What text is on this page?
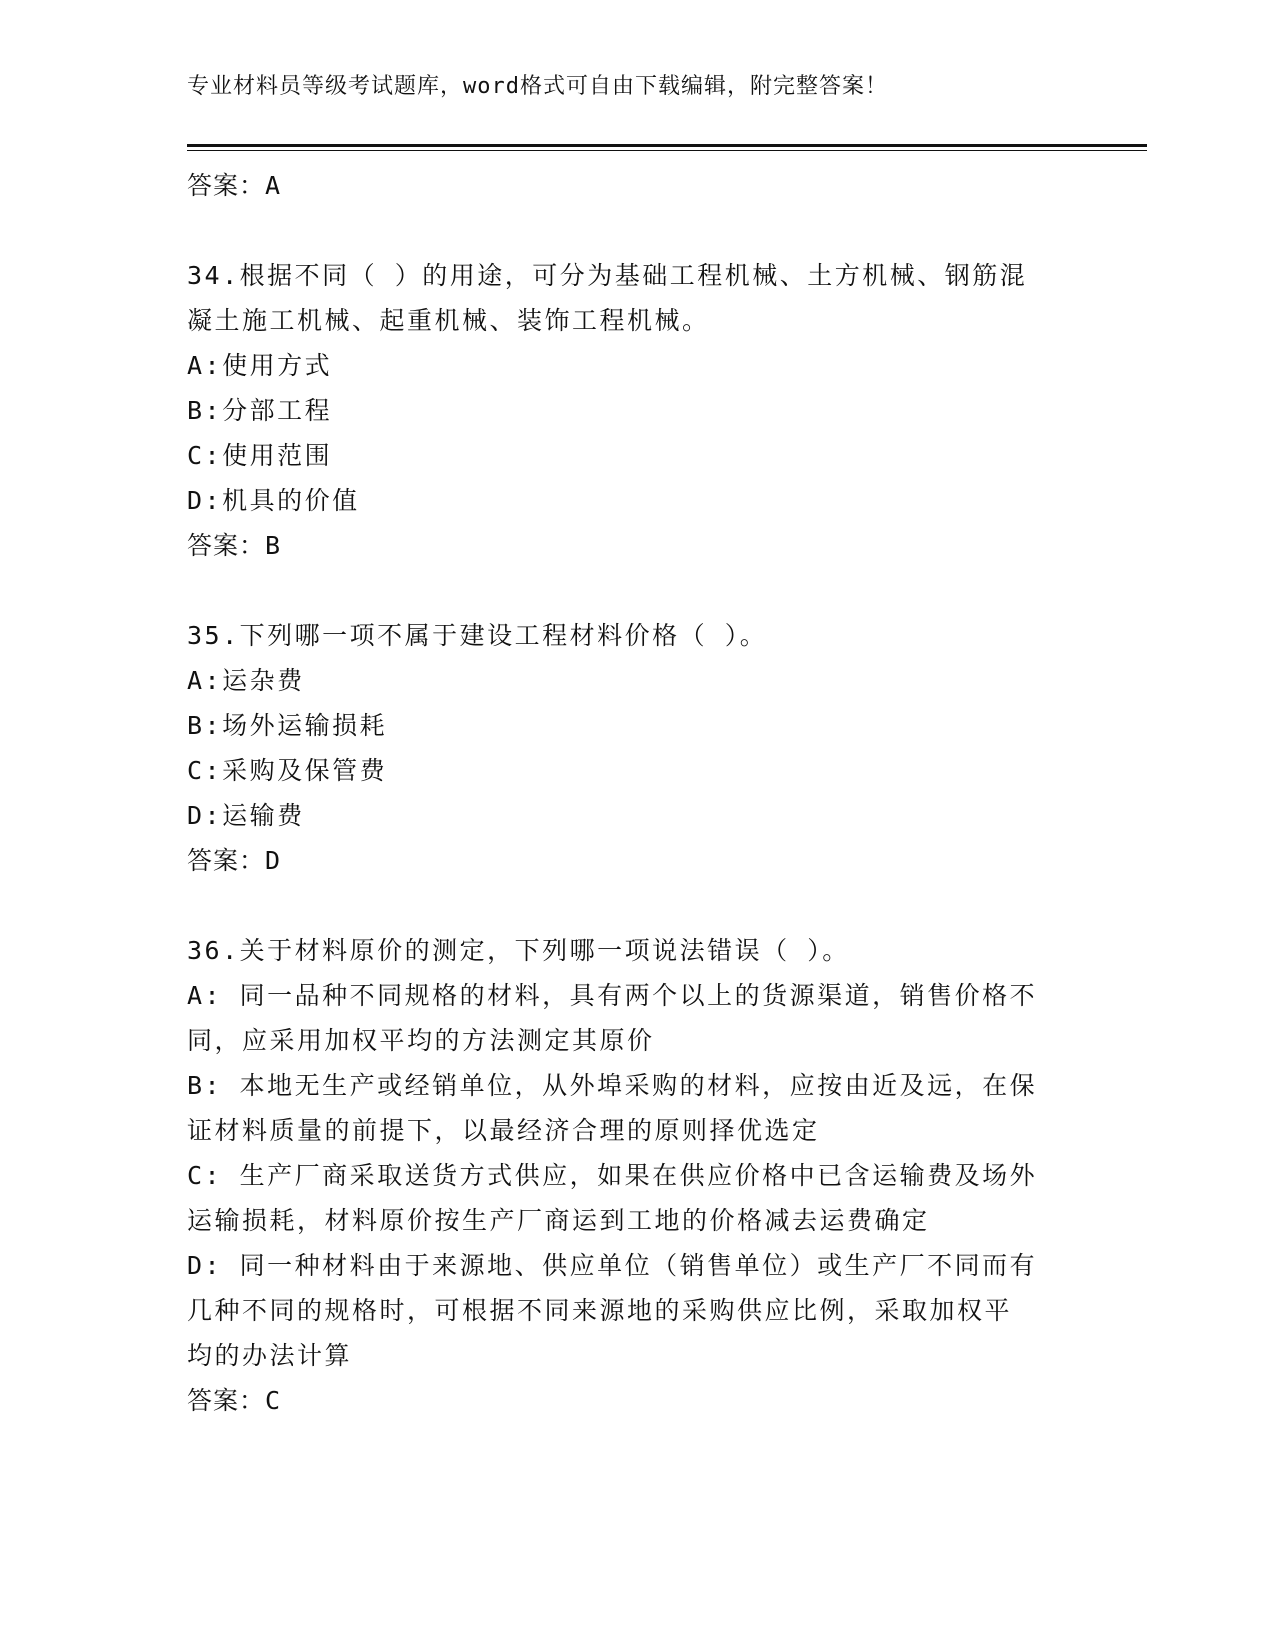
专业材料员等级考试题库，word格式可自由下载编辑，附完整答案！
答案：A

34.根据不同（ ）的用途，可分为基础工程机械、土方机械、钢筋混

凝土施工机械、起重机械、装饰工程机械。

A: 使用方式
B: 分部工程
C: 使用范围
D: 机具的价值
答案：B

35.下列哪一项不属于建设工程材料价格（ ）。

A: 运杂费
B: 场外运输损耗
C: 采购及保管费
D: 运输费
答案：D

36.关于材料原价的测定，下列哪一项说法错误（ ）。

A: 同一品种不同规格的材料，具有两个以上的货源渠道，销售价格不

同，应采用加权平均的方法测定其原价

B: 本地无生产或经销单位，从外埠采购的材料，应按由近及远，在保

证材料质量的前提下，以最经济合理的原则择优选定

C: 生产厂商采取送货方式供应，如果在供应价格中已含运输费及场外

运输损耗，材料原价按生产厂商运到工地的价格减去运费确定

D: 同一种材料由于来源地、供应单位（销售单位）或生产厂不同而有

几种不同的规格时，可根据不同来源地的采购供应比例，采取加权平

均的办法计算

答案：C
